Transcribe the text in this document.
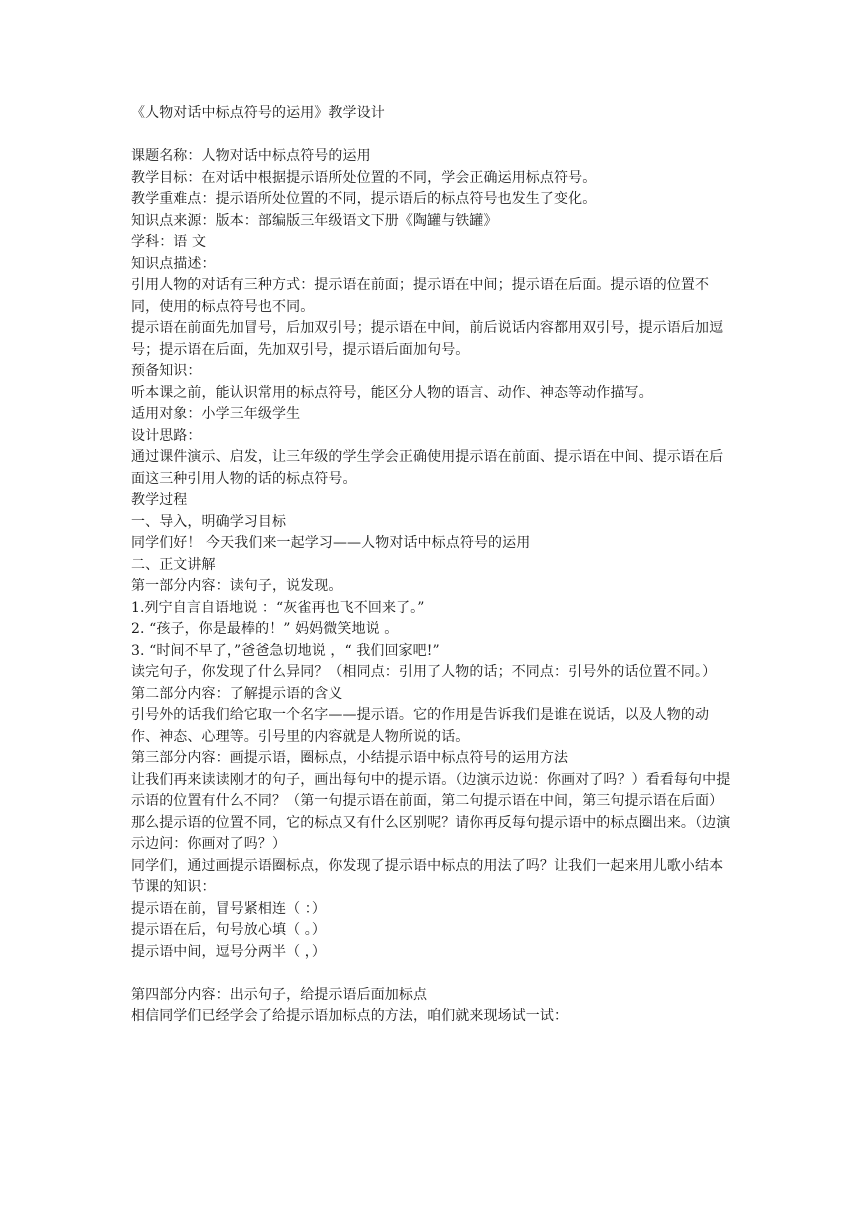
《人物对话中标点符号的运用》教学设计
课题名称：人物对话中标点符号的运用
教学目标：在对话中根据提示语所处位置的不同，学会正确运用标点符号。
教学重难点：提示语所处位置的不同，提示语后的标点符号也发生了变化。
知识点来源：版本：部编版三年级语文下册《陶罐与铁罐》
学科：语 文
知识点描述：
引用人物的对话有三种方式：提示语在前面；提示语在中间；提示语在后面。提示语的位置不同，使用的标点符号也不同。
提示语在前面先加冒号，后加双引号；提示语在中间，前后说话内容都用双引号，提示语后加逗号；提示语在后面，先加双引号，提示语后面加句号。
预备知识：
听本课之前，能认识常用的标点符号，能区分人物的语言、动作、神态等动作描写。
适用对象：小学三年级学生
设计思路：
通过课件演示、启发，让三年级的学生学会正确使用提示语在前面、提示语在中间、提示语在后面这三种引用人物的话的标点符号。
教学过程
一、导入，明确学习目标
同学们好！ 今天我们来一起学习——人物对话中标点符号的运用
二、正文讲解
第一部分内容：读句子，说发现。
1.列宁自言自语地说 ：“灰雀再也飞不回来了。”
2. “孩子，你是最棒的！” 妈妈微笑地说 。
3. “时间不早了，”爸爸急切地说 ，“ 我们回家吧!”
读完句子，你发现了什么异同？（相同点：引用了人物的话；不同点：引号外的话位置不同。）
第二部分内容：了解提示语的含义
引号外的话我们给它取一个名字——提示语。它的作用是告诉我们是谁在说话，以及人物的动作、神态、心理等。引号里的内容就是人物所说的话。
第三部分内容：画提示语，圈标点，小结提示语中标点符号的运用方法
让我们再来读读刚才的句子，画出每句中的提示语。（边演示边说：你画对了吗？）看看每句中提示语的位置有什么不同？（第一句提示语在前面，第二句提示语在中间，第三句提示语在后面）
那么提示语的位置不同，它的标点又有什么区别呢？请你再反每句提示语中的标点圈出来。（边演示边问：你画对了吗？）
同学们，通过画提示语圈标点，你发现了提示语中标点的用法了吗？让我们一起来用儿歌小结本节课的知识：
提示语在前，冒号紧相连（ ：）
提示语在后，句号放心填（ 。）
提示语中间，逗号分两半（ ，）
第四部分内容：出示句子，给提示语后面加标点
相信同学们已经学会了给提示语加标点的方法，咱们就来现场试一试：
